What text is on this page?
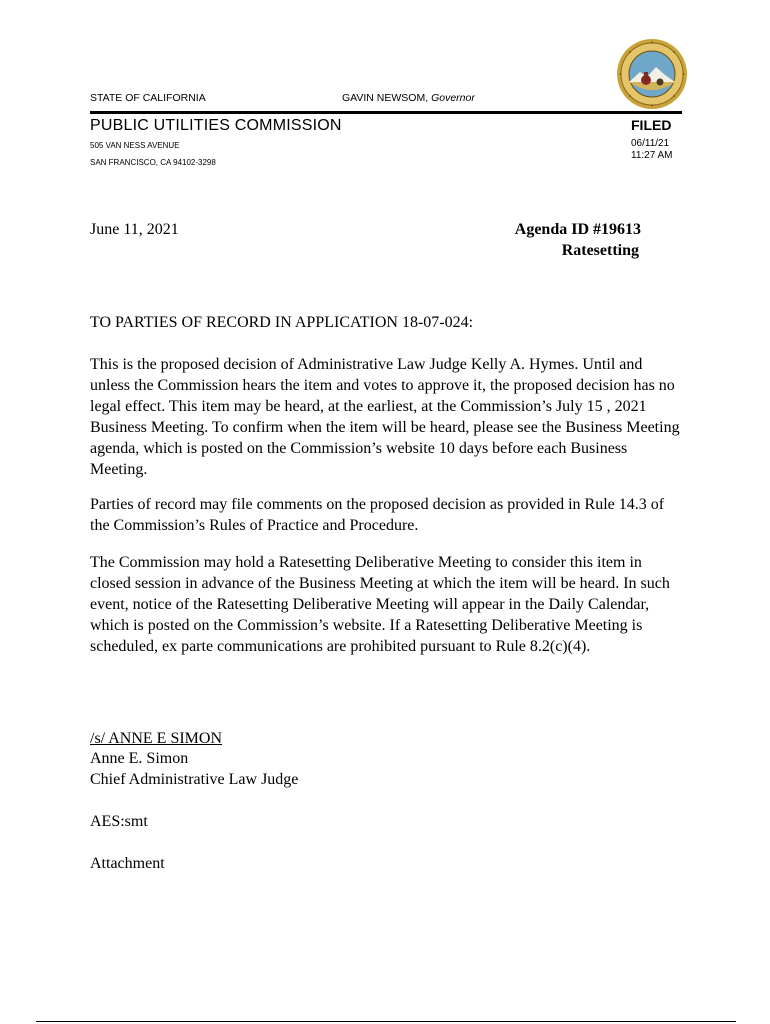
STATE OF CALIFORNIA	GAVIN NEWSOM, Governor
PUBLIC UTILITIES COMMISSION
505 VAN NESS AVENUE
SAN FRANCISCO, CA 94102-3298
FILED
06/11/21
11:27 AM
June 11, 2021	Agenda ID #19613
Ratesetting
TO PARTIES OF RECORD IN APPLICATION 18-07-024:
This is the proposed decision of Administrative Law Judge Kelly A. Hymes. Until and unless the Commission hears the item and votes to approve it, the proposed decision has no legal effect. This item may be heard, at the earliest, at the Commission’s July 15 , 2021 Business Meeting. To confirm when the item will be heard, please see the Business Meeting agenda, which is posted on the Commission’s website 10 days before each Business Meeting.
Parties of record may file comments on the proposed decision as provided in Rule 14.3 of the Commission’s Rules of Practice and Procedure.
The Commission may hold a Ratesetting Deliberative Meeting to consider this item in closed session in advance of the Business Meeting at which the item will be heard. In such event, notice of the Ratesetting Deliberative Meeting will appear in the Daily Calendar, which is posted on the Commission’s website. If a Ratesetting Deliberative Meeting is scheduled, ex parte communications are prohibited pursuant to Rule 8.2(c)(4).
/s/ ANNE E SIMON
Anne E. Simon
Chief Administrative Law Judge
AES:smt
Attachment
